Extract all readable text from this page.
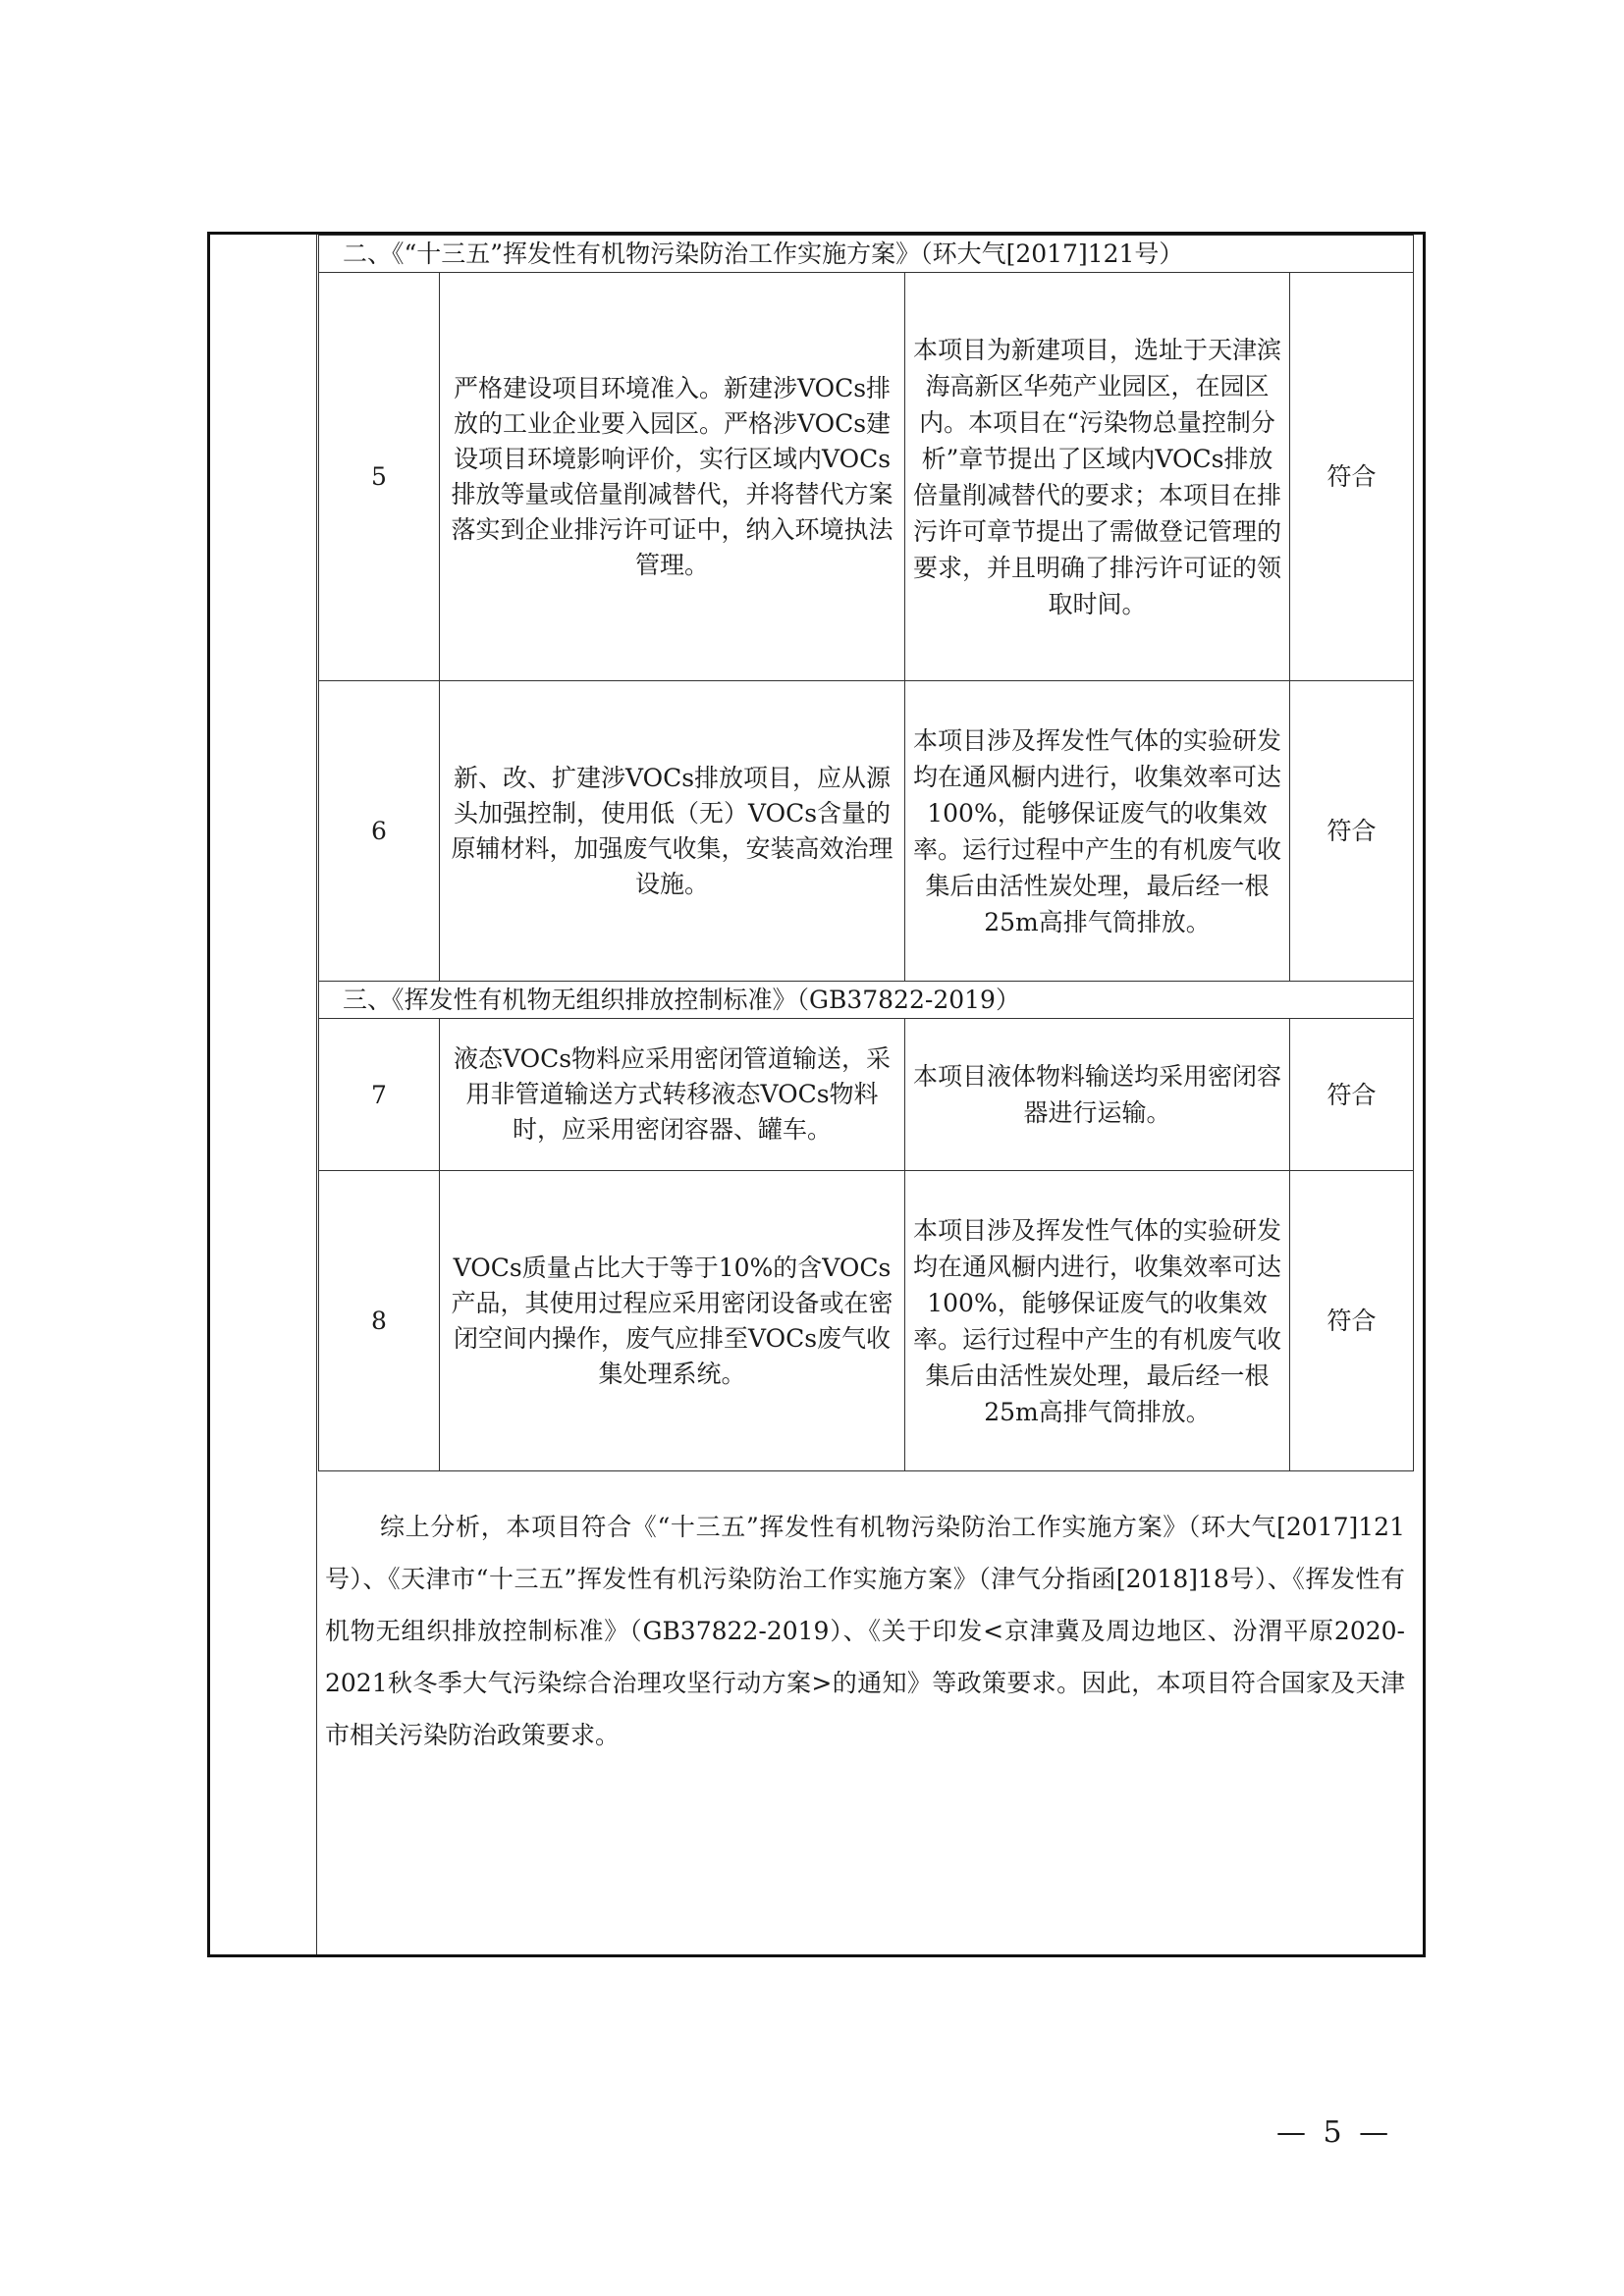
二、《“十三五”挥发性有机物污染防治工作实施方案》（环大气[2017]121号）			
5	严格建设项目环境准入。新建涉VOCs排放的工业企业要入园区。严格涉VOCs建设项目环境影响评价，实行区域内VOCs排放等量或倍量削减替代，并将替代方案落实到企业排污许可证中，纳入环境执法管理。	本项目为新建项目，选址于天津滨海高新区华苑产业园区，在园区内。本项目在“污染物总量控制分析”章节提出了区域内VOCs排放倍量削减替代的要求；本项目在排污许可章节提出了需做登记管理的要求，并且明确了排污许可证的领取时间。	符合
6	新、改、扩建涉VOCs排放项目，应从源头加强控制，使用低（无）VOCs含量的原辅材料，加强废气收集，安装高效治理设施。	本项目涉及挥发性气体的实验研发均在通风橱内进行，收集效率可达100%，能够保证废气的收集效率。运行过程中产生的有机废气收集后由活性炭处理，最后经一根25m高排气筒排放。	符合
三、《挥发性有机物无组织排放控制标准》（GB37822-2019）			
7	液态VOCs物料应采用密闭管道输送，采用非管道输送方式转移液态VOCs物料时，应采用密闭容器、罐车。	本项目液体物料输送均采用密闭容器进行运输。	符合
8	VOCs质量占比大于等于10%的含VOCs产品，其使用过程应采用密闭设备或在密闭空间内操作，废气应排至VOCs废气收集处理系统。	本项目涉及挥发性气体的实验研发均在通风橱内进行，收集效率可达100%，能够保证废气的收集效率。运行过程中产生的有机废气收集后由活性炭处理，最后经一根25m高排气筒排放。	符合

综上分析，本项目符合《“十三五”挥发性有机物污染防治工作实施方案》（环大气[2017]121号）、《天津市“十三五”挥发性有机污染防治工作实施方案》（津气分指函[2018]18号）、《挥发性有机物无组织排放控制标准》（GB37822-2019）、《关于印发<京津冀及周边地区、汾渭平原2020-2021秋冬季大气污染综合治理攻坚行动方案>的通知》等政策要求。因此，本项目符合国家及天津市相关污染防治政策要求。

— 5 —
